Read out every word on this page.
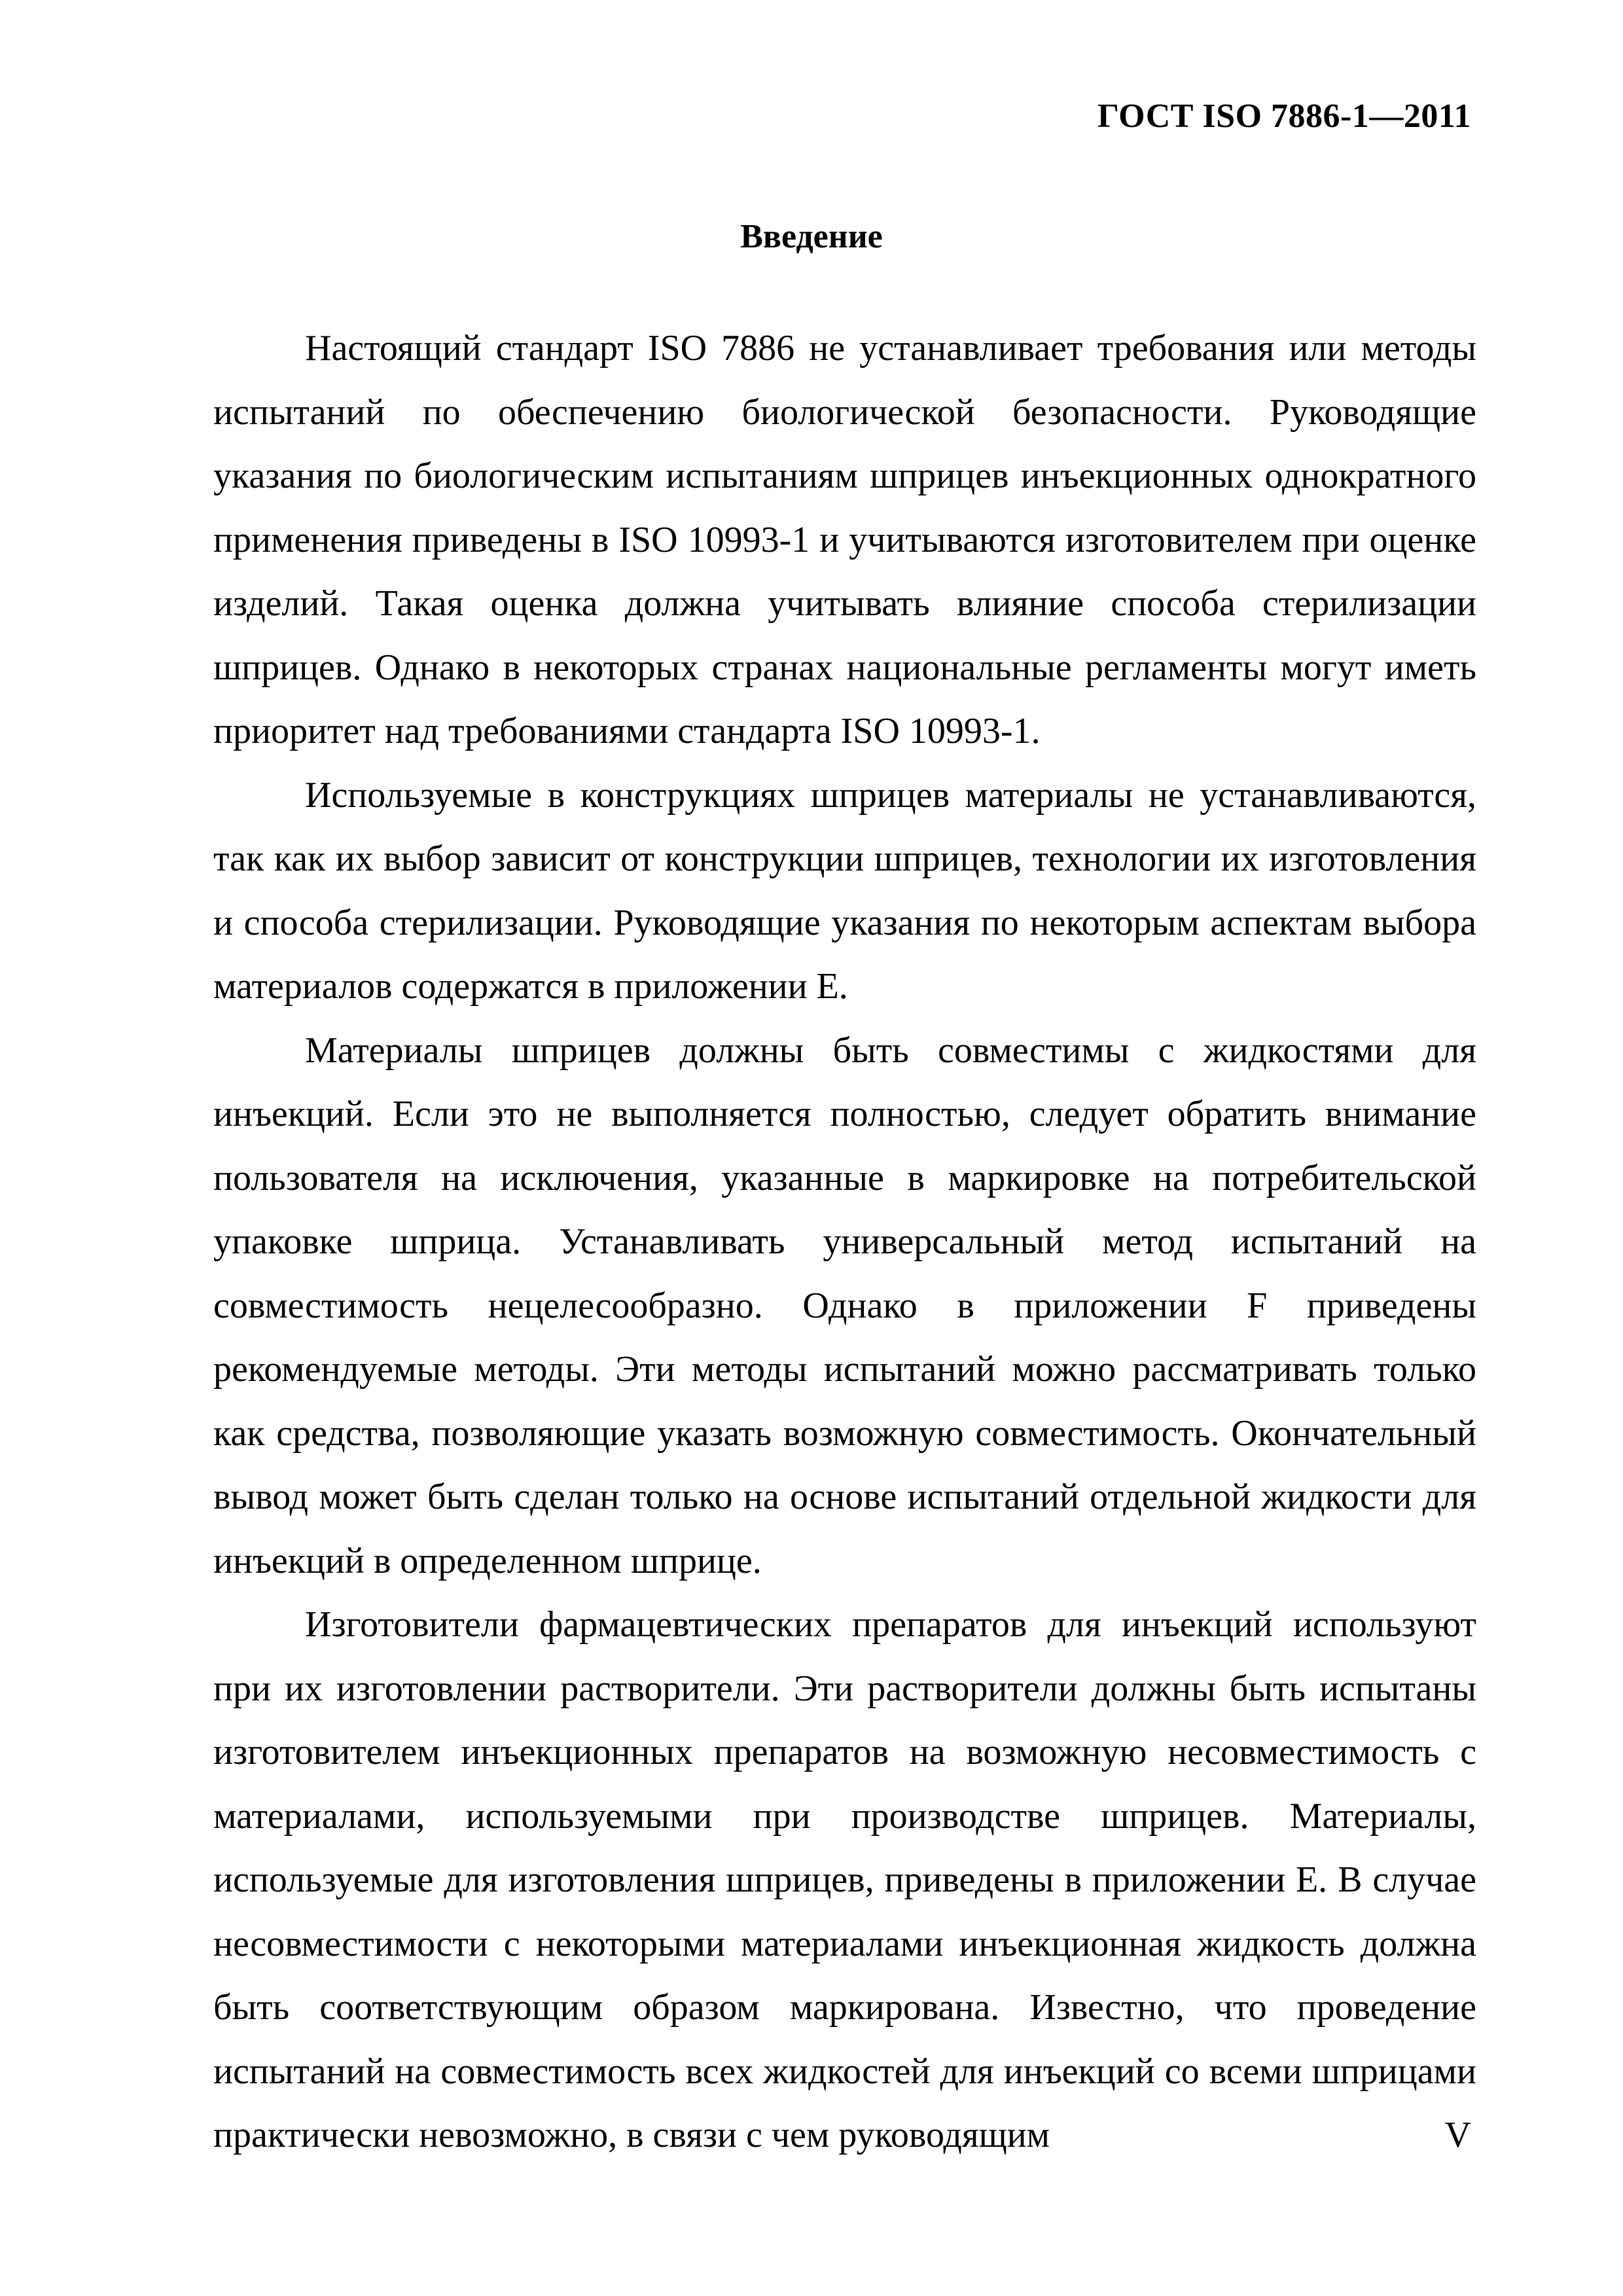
ГОСТ ISO 7886-1—2011
Введение

Настоящий стандарт ISO 7886 не устанавливает требования или методы испытаний по обеспечению биологической безопасности. Руководящие указания по биологическим испытаниям шприцев инъекционных однократного применения приведены в ISO 10993-1 и учитываются изготовителем при оценке изделий. Такая оценка должна учитывать влияние способа стерилизации шприцев. Однако в некоторых странах национальные регламенты могут иметь приоритет над требованиями стандарта ISO 10993-1.

Используемые в конструкциях шприцев материалы не устанавливаются, так как их выбор зависит от конструкции шприцев, технологии их изготовления и способа стерилизации. Руководящие указания по некоторым аспектам выбора материалов содержатся в приложении Е.

Материалы шприцев должны быть совместимы с жидкостями для инъекций. Если это не выполняется полностью, следует обратить внимание пользователя на исключения, указанные в маркировке на потребительской упаковке шприца. Устанавливать универсальный метод испытаний на совместимость нецелесообразно. Однако в приложении F приведены рекомендуемые методы. Эти методы испытаний можно рассматривать только как средства, позволяющие указать возможную совместимость. Окончательный вывод может быть сделан только на основе испытаний отдельной жидкости для инъекций в определенном шприце.

Изготовители фармацевтических препаратов для инъекций используют при их изготовлении растворители. Эти растворители должны быть испытаны изготовителем инъекционных препаратов на возможную несовместимость с материалами, используемыми при производстве шприцев. Материалы, используемые для изготовления шприцев, приведены в приложении Е. В случае несовместимости с некоторыми материалами инъекционная жидкость должна быть соответствующим образом маркирована. Известно, что проведение испытаний на совместимость всех жидкостей для инъекций со всеми шприцами практически невозможно, в связи с чем руководящим	V
